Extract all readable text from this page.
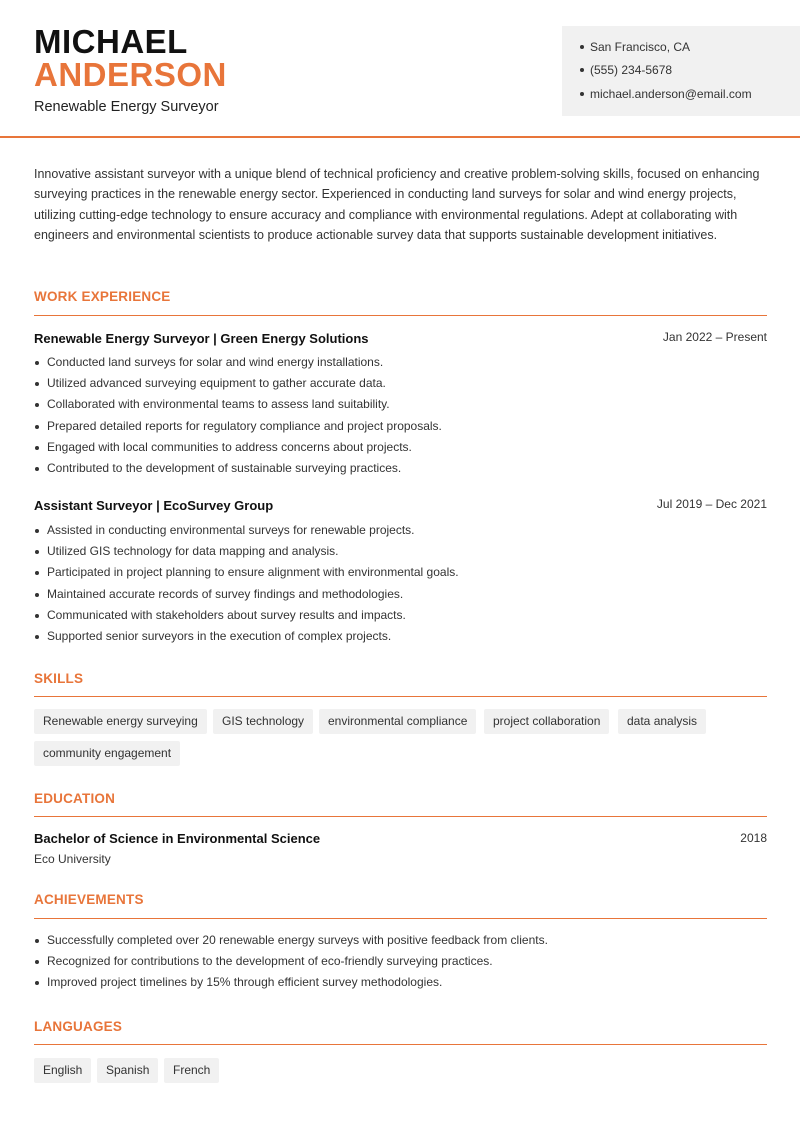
MICHAEL
ANDERSON
Renewable Energy Surveyor
San Francisco, CA
(555) 234-5678
michael.anderson@email.com
Innovative assistant surveyor with a unique blend of technical proficiency and creative problem-solving skills, focused on enhancing surveying practices in the renewable energy sector. Experienced in conducting land surveys for solar and wind energy projects, utilizing cutting-edge technology to ensure accuracy and compliance with environmental regulations. Adept at collaborating with engineers and environmental scientists to produce actionable survey data that supports sustainable development initiatives.
WORK EXPERIENCE
Renewable Energy Surveyor | Green Energy Solutions	Jan 2022 – Present
Conducted land surveys for solar and wind energy installations.
Utilized advanced surveying equipment to gather accurate data.
Collaborated with environmental teams to assess land suitability.
Prepared detailed reports for regulatory compliance and project proposals.
Engaged with local communities to address concerns about projects.
Contributed to the development of sustainable surveying practices.
Assistant Surveyor | EcoSurvey Group	Jul 2019 – Dec 2021
Assisted in conducting environmental surveys for renewable projects.
Utilized GIS technology for data mapping and analysis.
Participated in project planning to ensure alignment with environmental goals.
Maintained accurate records of survey findings and methodologies.
Communicated with stakeholders about survey results and impacts.
Supported senior surveyors in the execution of complex projects.
SKILLS
Renewable energy surveying	GIS technology	environmental compliance	project collaboration	data analysis
community engagement
EDUCATION
Bachelor of Science in Environmental Science	2018
Eco University
ACHIEVEMENTS
Successfully completed over 20 renewable energy surveys with positive feedback from clients.
Recognized for contributions to the development of eco-friendly surveying practices.
Improved project timelines by 15% through efficient survey methodologies.
LANGUAGES
English	Spanish	French
